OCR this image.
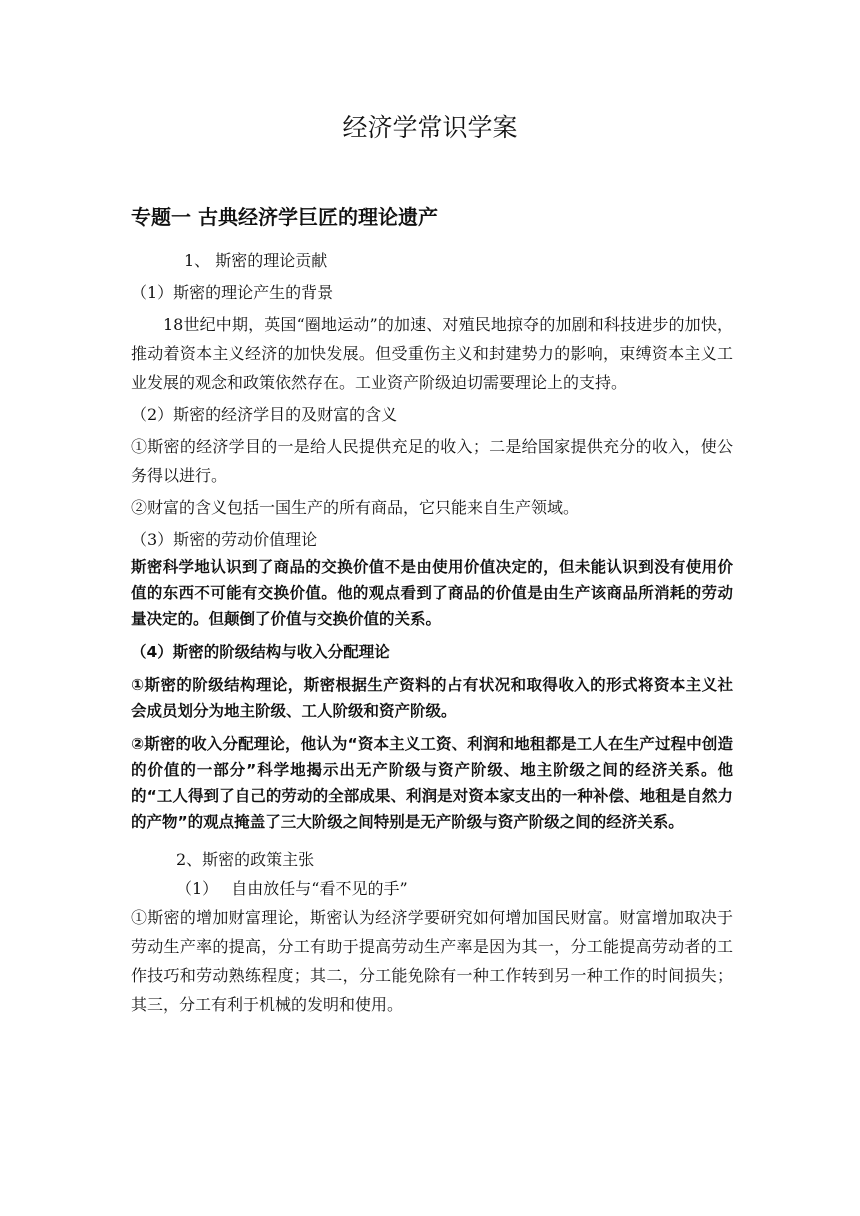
经济学常识学案
专题一 古典经济学巨匠的理论遗产

1、 斯密的理论贡献

（1）斯密的理论产生的背景

18世纪中期，英国“圈地运动”的加速、对殖民地掠夺的加剧和科技进步的加快，推动着资本主义经济的加快发展。但受重伤主义和封建势力的影响，束缚资本主义工业发展的观念和政策依然存在。工业资产阶级迫切需要理论上的支持。

（2）斯密的经济学目的及财富的含义

①斯密的经济学目的一是给人民提供充足的收入；二是给国家提供充分的收入，使公务得以进行。

②财富的含义包括一国生产的所有商品，它只能来自生产领域。

（3）斯密的劳动价值理论

斯密科学地认识到了商品的交换价值不是由使用价值决定的，但未能认识到没有使用价值的东西不可能有交换价值。他的观点看到了商品的价值是由生产该商品所消耗的劳动量决定的。但颠倒了价值与交换价值的关系。

（4）斯密的阶级结构与收入分配理论

①斯密的阶级结构理论，斯密根据生产资料的占有状况和取得收入的形式将资本主义社会成员划分为地主阶级、工人阶级和资产阶级。

②斯密的收入分配理论，他认为“资本主义工资、利润和地租都是工人在生产过程中创造的价值的一部分”科学地揭示出无产阶级与资产阶级、地主阶级之间的经济关系。他的“工人得到了自己的劳动的全部成果、利润是对资本家支出的一种补偿、地租是自然力的产物”的观点掩盖了三大阶级之间特别是无产阶级与资产阶级之间的经济关系。

2、斯密的政策主张

（1）　 自由放任与“看不见的手”

①斯密的增加财富理论，斯密认为经济学要研究如何增加国民财富。财富增加取决于劳动生产率的提高，分工有助于提高劳动生产率是因为其一，分工能提高劳动者的工作技巧和劳动熟练程度；其二，分工能免除有一种工作转到另一种工作的时间损失；其三，分工有利于机械的发明和使用。
